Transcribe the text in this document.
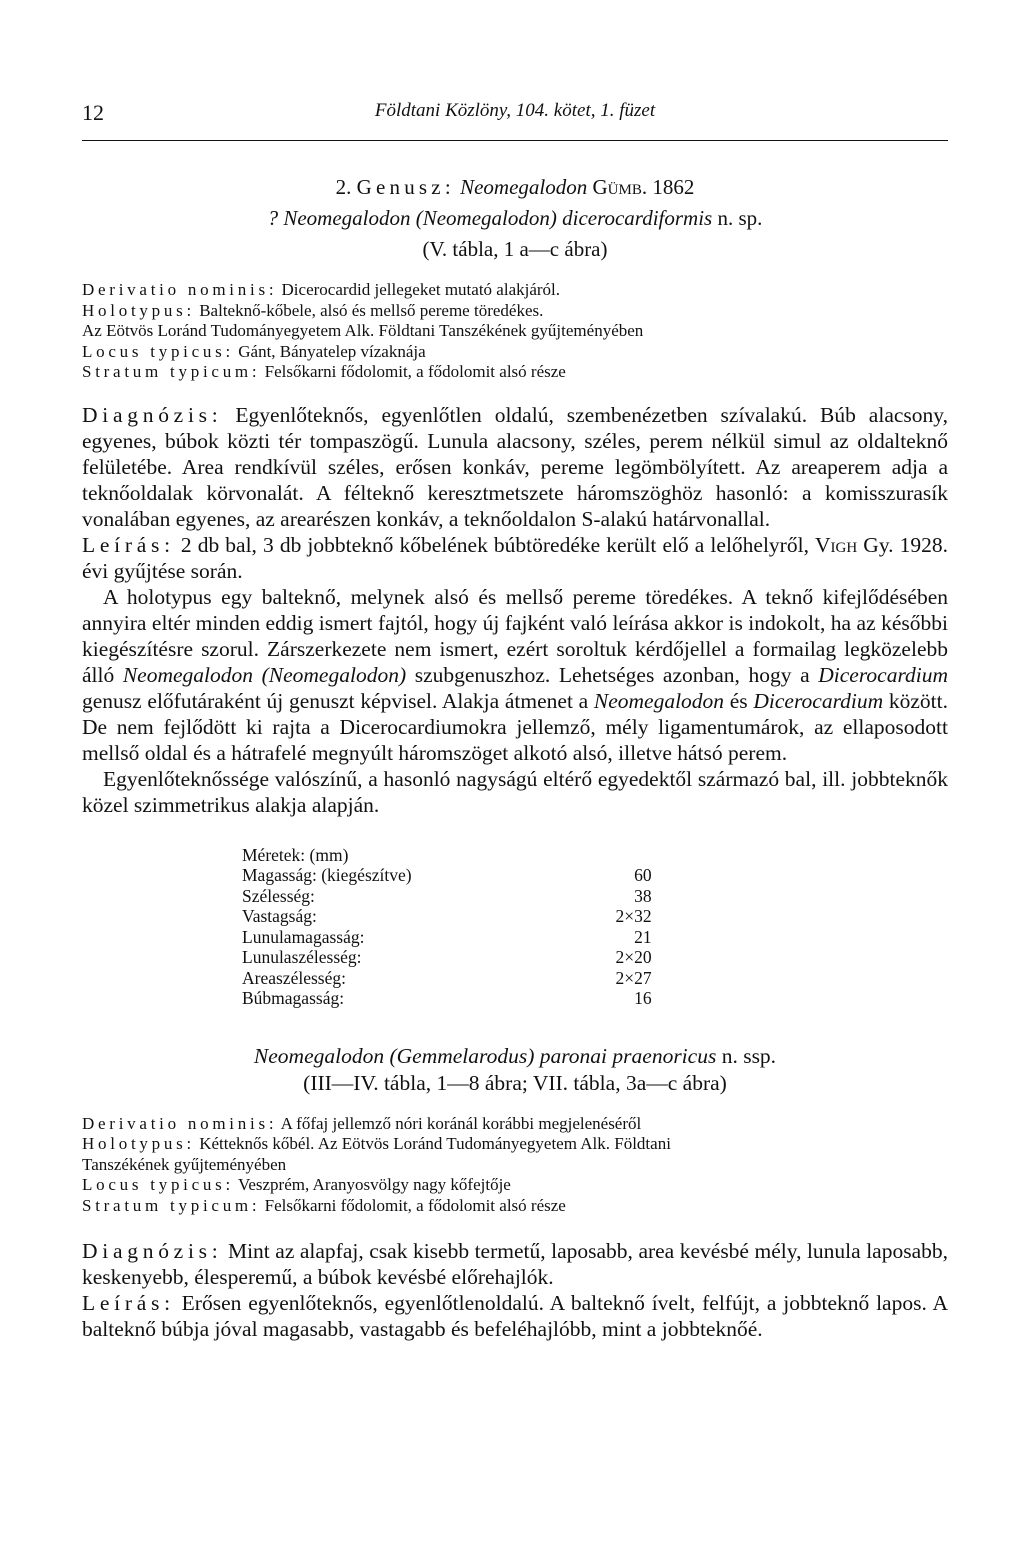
12	Földtani Közlöny, 104. kötet, 1. füzet
2. Genusz: Neomegalodon Gümb. 1862
? Neomegalodon (Neomegalodon) dicerocardiformis n. sp.
(V. tábla, 1 a—c ábra)

Derivatio nominis: Dicerocardid jellegeket mutató alakjáról.

Holotypus: Balteknő-kőbele, alsó és mellső pereme töredékes.

Az Eötvös Loránd Tudományegyetem Alk. Földtani Tanszékének gyűjteményében

Locus typicus: Gánt, Bányatelep vízaknája

Stratum typicum: Felsőkarni fődolomit, a fődolomit alsó része

Diagnózis: Egyenlőteknős, egyenlőtlen oldalú, szembenézetben szívalakú. Búb alacsony, egyenes, búbok közti tér tompaszögű. Lunula alacsony, széles, perem nélkül simul az oldalteknő felületébe. Area rendkívül széles, erősen konkáv, pereme legömbölyített. Az areaperem adja a teknőoldalak körvonalát. A félteknő keresztmetszete háromszöghöz hasonló: a komisszurasík vonalában egyenes, az arearészen konkáv, a teknőoldalon S-alakú határvonallal.

Leírás: 2 db bal, 3 db jobbteknő kőbelének búbtöredéke került elő a lelőhelyről, Vigh Gy. 1928. évi gyűjtése során.

A holotypus egy balteknő, melynek alsó és mellső pereme töredékes. A teknő kifejlődésében annyira eltér minden eddig ismert fajtól, hogy új fajként való leírása akkor is indokolt, ha az későbbi kiegészítésre szorul. Zárszerkezete nem ismert, ezért soroltuk kérdőjellel a formailag legközelebb álló Neomegalodon (Neomegalodon) szubgenuszhoz. Lehetséges azonban, hogy a Dicerocardium genusz előfutáraként új genuszt képvisel. Alakja átmenet a Neomegalodon és Dicerocardium között. De nem fejlődött ki rajta a Dicerocardiumokra jellemző, mély ligamentumárok, az ellaposodott mellső oldal és a hátrafelé megnyúlt háromszöget alkotó alsó, illetve hátsó perem.

Egyenlőteknőssége valószínű, a hasonló nagyságú eltérő egyedektől származó bal, ill. jobbteknők közel szimmetrikus alakja alapján.

Méretek: (mm)	
Magasság: (kiegészítve)	60
Szélesség:	38
Vastagság:	2×32
Lunulamagasság:	21
Lunulaszélesség:	2×20
Areaszélesség:	2×27
Búbmagasság:	16
Neomegalodon (Gemmelarodus) paronai praenoricus n. ssp.
(III—IV. tábla, 1—8 ábra; VII. tábla, 3a—c ábra)

Derivatio nominis: A főfaj jellemző nóri koránál korábbi megjelenéséről

Holotypus: Kétteknős kőbél. Az Eötvös Loránd Tudományegyetem Alk. Földtani

Tanszékének gyűjteményében

Locus typicus: Veszprém, Aranyosvölgy nagy kőfejtője

Stratum typicum: Felsőkarni fődolomit, a fődolomit alsó része

Diagnózis: Mint az alapfaj, csak kisebb termetű, laposabb, area kevésbé mély, lunula laposabb, keskenyebb, élesperemű, a búbok kevésbé előrehajlók.

Leírás: Erősen egyenlőteknős, egyenlőtlenoldalú. A balteknő ívelt, felfújt, a jobbteknő lapos. A balteknő búbja jóval magasabb, vastagabb és befeléhajlóbb, mint a jobbteknőé.
